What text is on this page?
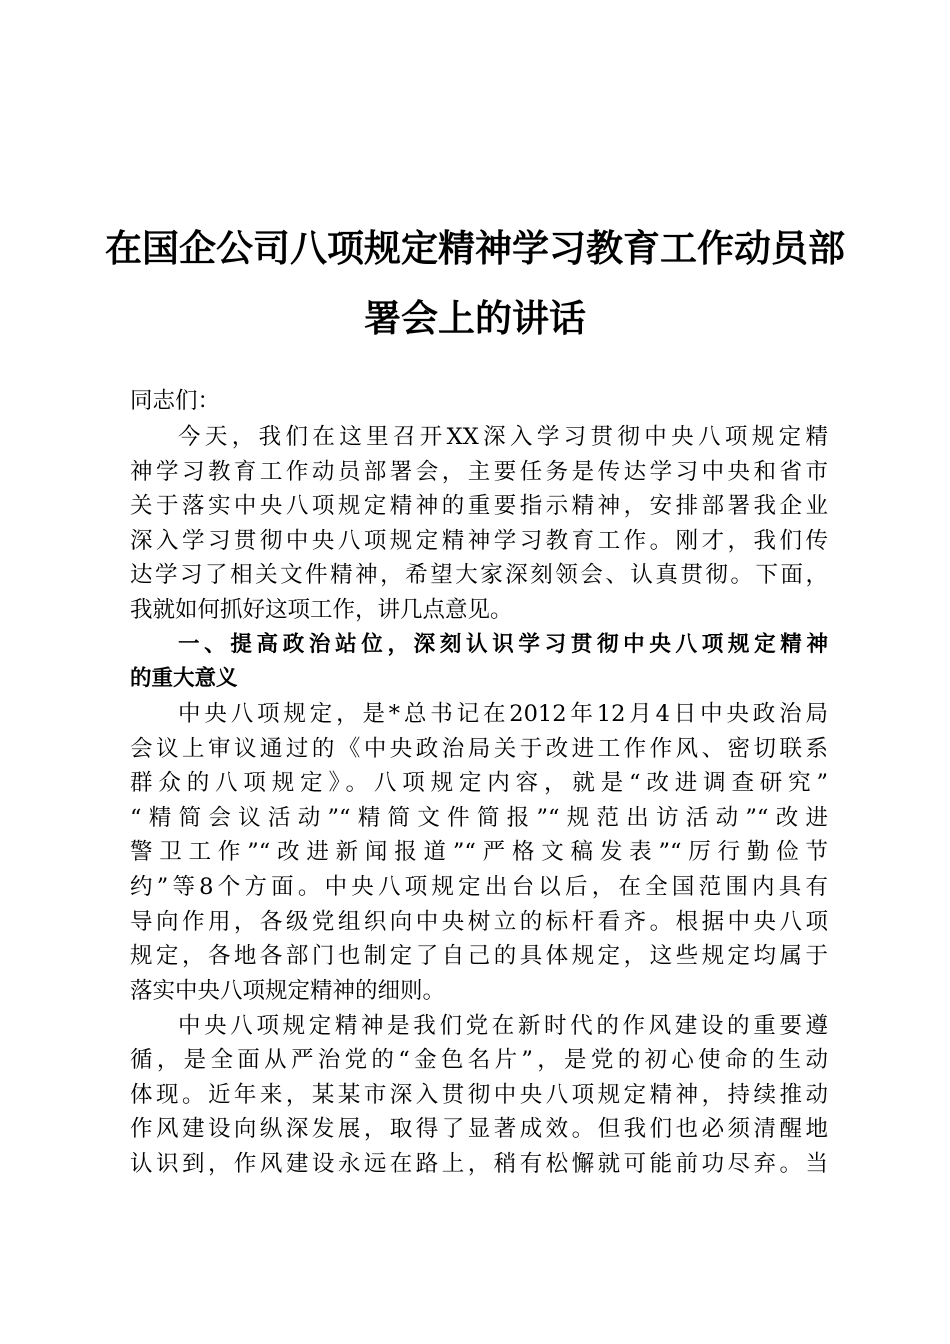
在国企公司八项规定精神学习教育工作动员部
署会上的讲话
同志们：
今天，我们在这里召开XX深入学习贯彻中央八项规定精
神学习教育工作动员部署会，主要任务是传达学习中央和省市
关于落实中央八项规定精神的重要指示精神，安排部署我企业
深入学习贯彻中央八项规定精神学习教育工作。刚才，我们传
达学习了相关文件精神，希望大家深刻领会、认真贯彻。下面，
我就如何抓好这项工作，讲几点意见。
一、提高政治站位，深刻认识学习贯彻中央八项规定精神
的重大意义
中央八项规定，是*总书记在2012年12月4日中央政治局
会议上审议通过的《中央政治局关于改进工作作风、密切联系
群众的八项规定》。八项规定内容，就是“改进调查研究”
“精简会议活动”“精简文件简报”“规范出访活动”“改进
警卫工作”“改进新闻报道”“严格文稿发表”“厉行勤俭节
约”等8个方面。中央八项规定出台以后，在全国范围内具有
导向作用，各级党组织向中央树立的标杆看齐。根据中央八项
规定，各地各部门也制定了自己的具体规定，这些规定均属于
落实中央八项规定精神的细则。
中央八项规定精神是我们党在新时代的作风建设的重要遵
循，是全面从严治党的“金色名片”，是党的初心使命的生动
体现。近年来，某某市深入贯彻中央八项规定精神，持续推动
作风建设向纵深发展，取得了显著成效。但我们也必须清醒地
认识到，作风建设永远在路上，稍有松懈就可能前功尽弃。当
